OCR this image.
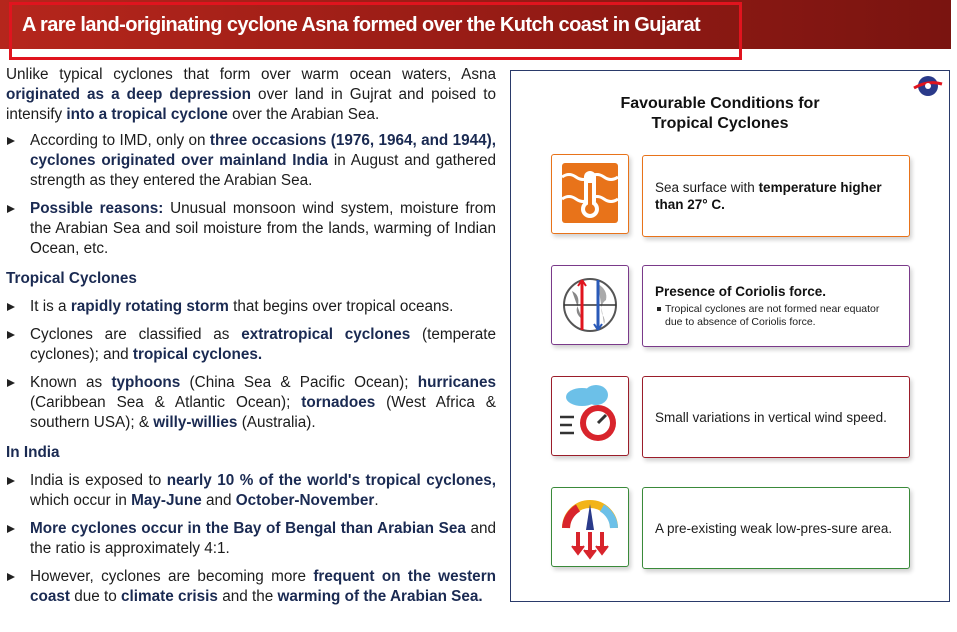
A rare land-originating cyclone Asna formed over the Kutch coast in Gujarat

Unlike typical cyclones that form over warm ocean waters, Asna originated as a deep depression over land in Gujrat and poised to intensify into a tropical cyclone over the Arabian Sea.

According to IMD, only on three occasions (1976, 1964, and 1944), cyclones originated over mainland India in August and gathered strength as they entered the Arabian Sea.
Possible reasons: Unusual monsoon wind system, moisture from the Arabian Sea and soil moisture from the lands, warming of Indian Ocean, etc.
Tropical Cyclones
It is a rapidly rotating storm that begins over tropical oceans.
Cyclones are classified as extratropical cyclones (temperate cyclones); and tropical cyclones.
Known as typhoons (China Sea & Pacific Ocean); hurricanes (Caribbean Sea & Atlantic Ocean); tornadoes (West Africa & southern USA); & willy-willies (Australia).
In India
India is exposed to nearly 10 % of the world's tropical cyclones, which occur in May-June and October-November.
More cyclones occur in the Bay of Bengal than Arabian Sea and the ratio is approximately 4:1.
However, cyclones are becoming more frequent on the western coast due to climate crisis and the warming of the Arabian Sea.
Favourable Conditions for
Tropical Cyclones
Sea surface with temperature higher than 27° C.
Presence of Coriolis force.
Tropical cyclones are not formed near equator due to absence of Coriolis force.
Small variations in vertical wind speed.
A pre-existing weak low-pres-sure area.
